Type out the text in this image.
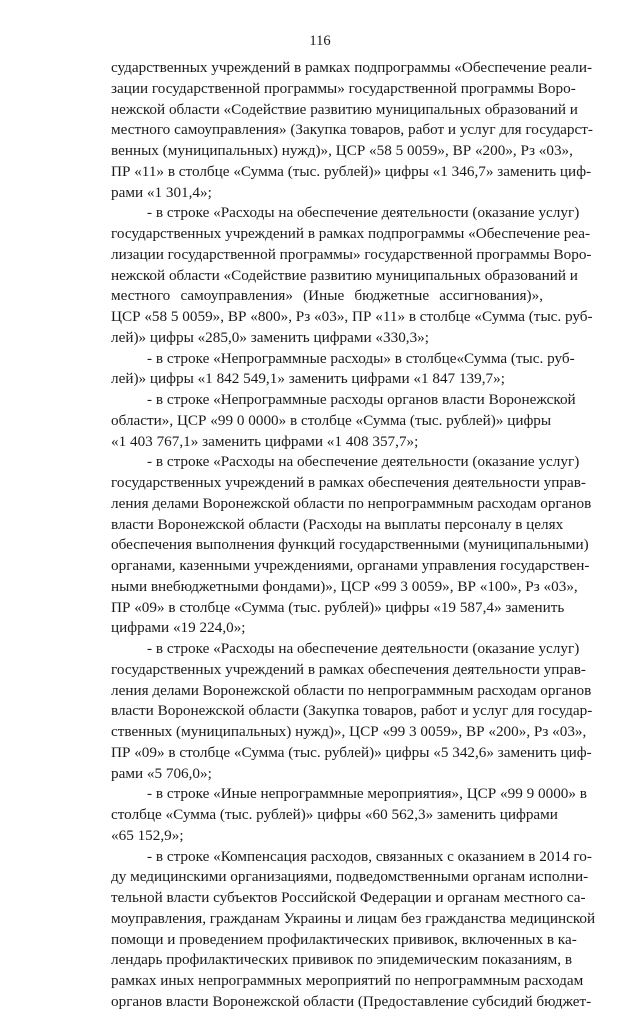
116
сударственных учреждений в рамках подпрограммы «Обеспечение реали-
зации государственной программы» государственной программы Воро-
нежской области «Содействие развитию муниципальных образований и
местного самоуправления» (Закупка товаров, работ и услуг для государст-
венных (муниципальных) нужд)», ЦСР «58 5 0059», ВР «200», Рз «03»,
ПР «11» в столбце «Сумма (тыс. рублей)» цифры «1 346,7» заменить циф-
рами «1 301,4»;
- в строке «Расходы на обеспечение деятельности (оказание услуг)
государственных учреждений в рамках подпрограммы «Обеспечение реа-
лизации государственной программы» государственной программы Воро-
нежской области «Содействие развитию муниципальных образований и
местного самоуправления» (Иные бюджетные ассигнования)»,
ЦСР «58 5 0059», ВР «800», Рз «03», ПР «11» в столбце «Сумма (тыс. руб-
лей)» цифры «285,0» заменить цифрами «330,3»;
- в строке «Непрограммные расходы» в столбце«Сумма (тыс. руб-
лей)» цифры «1 842 549,1» заменить цифрами «1 847 139,7»;
- в строке «Непрограммные расходы органов власти Воронежской
области», ЦСР «99 0 0000» в столбце «Сумма (тыс. рублей)» цифры
«1 403 767,1» заменить цифрами «1 408 357,7»;
- в строке «Расходы на обеспечение деятельности (оказание услуг)
государственных учреждений в рамках обеспечения деятельности управ-
ления делами Воронежской области по непрограммным расходам органов
власти Воронежской области (Расходы на выплаты персоналу в целях
обеспечения выполнения функций государственными (муниципальными)
органами, казенными учреждениями, органами управления государствен-
ными внебюджетными фондами)», ЦСР «99 3 0059», ВР «100», Рз «03»,
ПР «09» в столбце «Сумма (тыс. рублей)» цифры «19 587,4» заменить
цифрами «19 224,0»;
- в строке «Расходы на обеспечение деятельности (оказание услуг)
государственных учреждений в рамках обеспечения деятельности управ-
ления делами Воронежской области по непрограммным расходам органов
власти Воронежской области (Закупка товаров, работ и услуг для государ-
ственных (муниципальных) нужд)», ЦСР «99 3 0059», ВР «200», Рз «03»,
ПР «09» в столбце «Сумма (тыс. рублей)» цифры «5 342,6» заменить циф-
рами «5 706,0»;
- в строке «Иные непрограммные мероприятия», ЦСР «99 9 0000» в
столбце «Сумма (тыс. рублей)» цифры «60 562,3» заменить цифрами
«65 152,9»;
- в строке «Компенсация расходов, связанных с оказанием в 2014 го-
ду медицинскими организациями, подведомственными органам исполни-
тельной власти субъектов Российской Федерации и органам местного са-
моуправления, гражданам Украины и лицам без гражданства медицинской
помощи и проведением профилактических прививок, включенных в ка-
лендарь профилактических прививок по эпидемическим показаниям, в
рамках иных непрограммных мероприятий по непрограммным расходам
органов власти Воронежской области (Предоставление субсидий бюджет-
